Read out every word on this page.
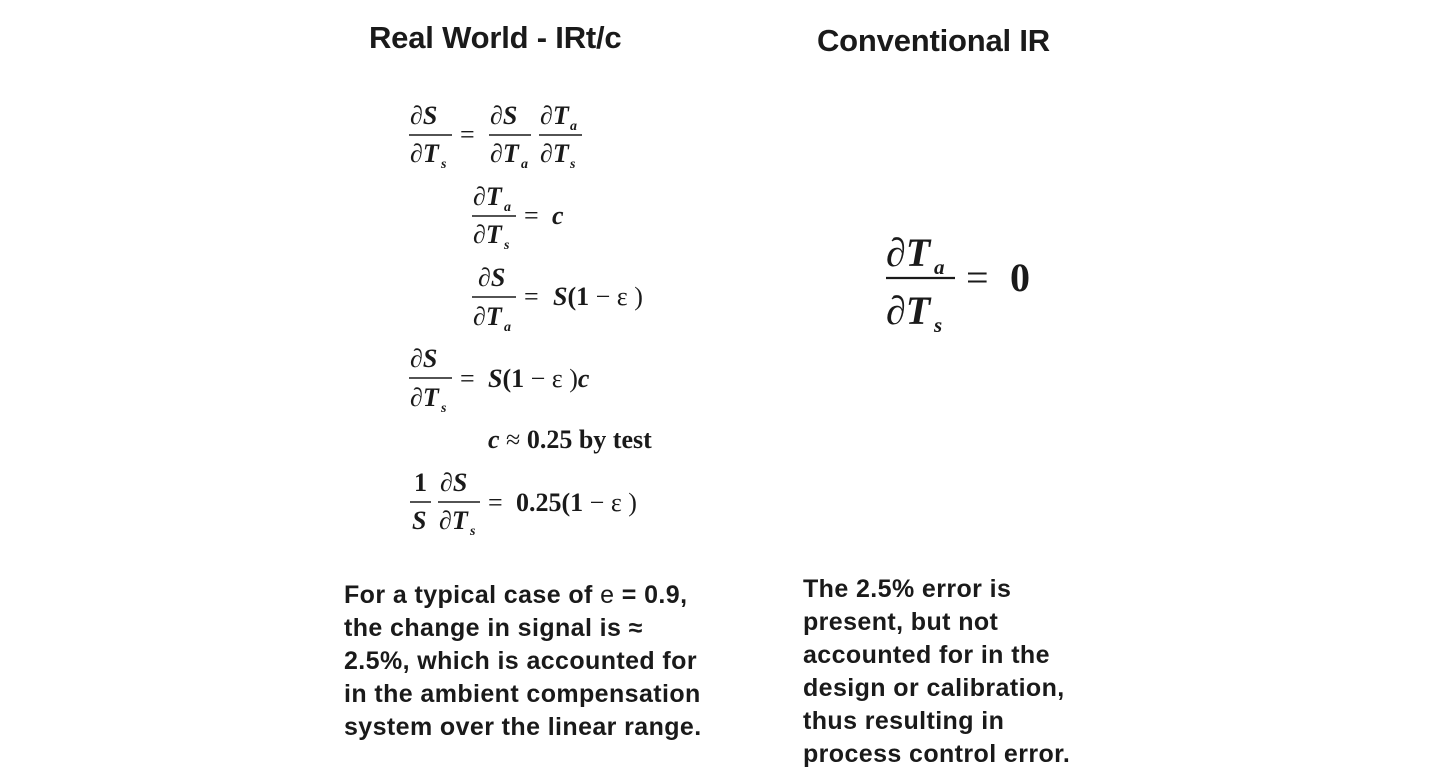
Real World - IRt/c	Conventional IR
∂S
∂T s
=
∂S
∂T a
∂T a
∂T s
∂T a
∂T s
= c
∂S
∂T a
= S(1 − ε )
∂S
∂T s
= S(1 − ε )c
c ≈ 0.25 by test
1
S
∂S
∂T s
= 0.25(1 − ε )
∂T a
∂T s
= 0
For a typical case of e = 0.9,
the change in signal is ≈
2.5%, which is accounted for
in the ambient compensation
system over the linear range.
The 2.5% error is
present, but not
accounted for in the
design or calibration,
thus resulting in
process control error.
